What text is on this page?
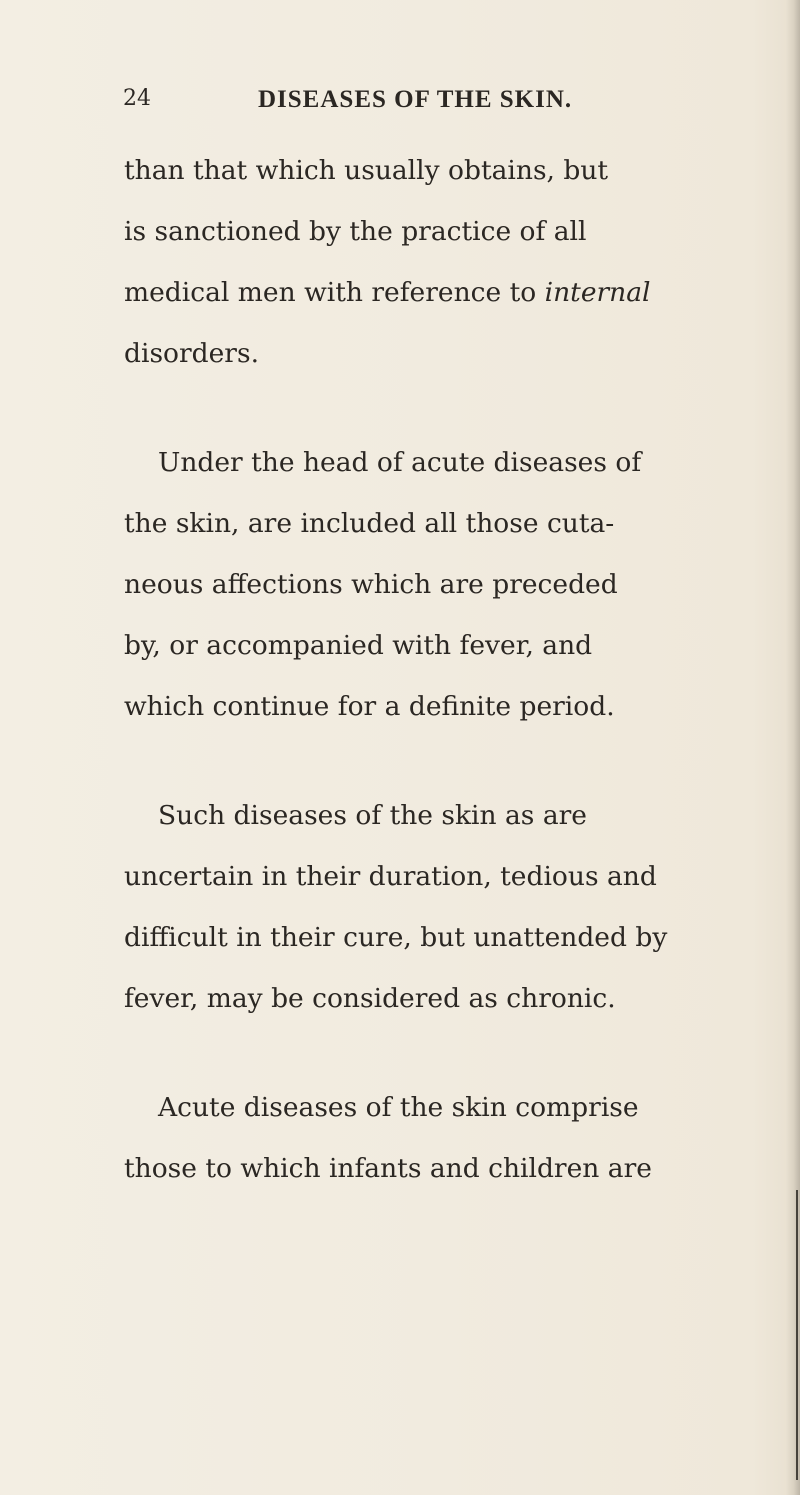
24	DISEASES OF THE SKIN.
than that which usually obtains, but
is sanctioned by the practice of all
medical men with reference to internal
disorders.
Under the head of acute diseases of
the skin, are included all those cuta-
neous affections which are preceded
by, or accompanied with fever, and
which continue for a definite period.
Such diseases of the skin as are
uncertain in their duration, tedious and
difficult in their cure, but unattended by
fever, may be considered as chronic.
Acute diseases of the skin comprise
those to which infants and children are
